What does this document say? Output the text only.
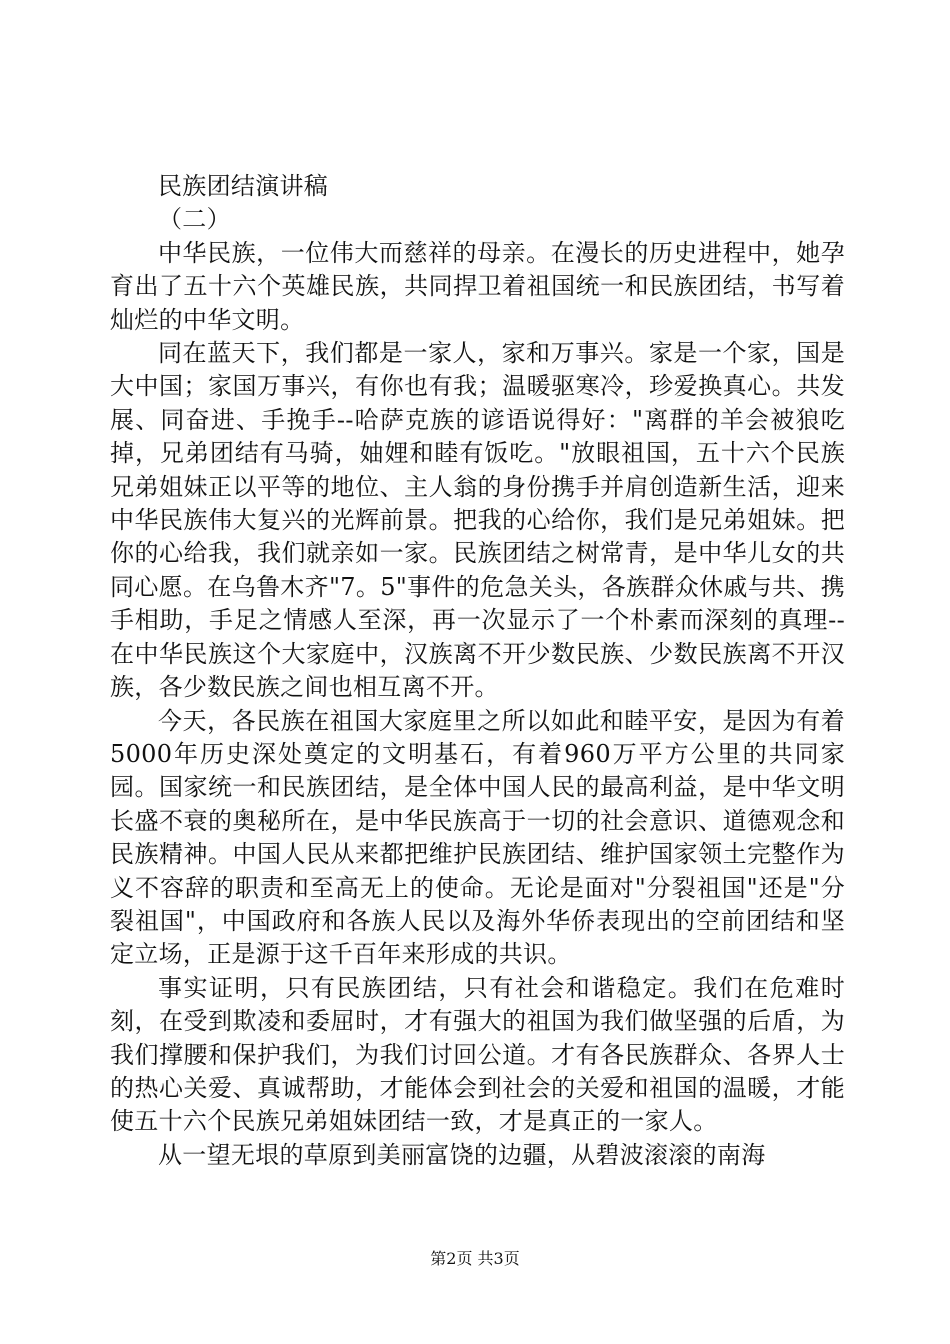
民族团结演讲稿

（二）

中华民族，一位伟大而慈祥的母亲。在漫长的历史进程中，她孕育出了五十六个英雄民族，共同捍卫着祖国统一和民族团结，书写着灿烂的中华文明。

同在蓝天下，我们都是一家人，家和万事兴。家是一个家，国是大中国；家国万事兴，有你也有我；温暖驱寒冷，珍爱换真心。共发展、同奋进、手挽手--哈萨克族的谚语说得好："离群的羊会被狼吃掉，兄弟团结有马骑，妯娌和睦有饭吃。"放眼祖国，五十六个民族兄弟姐妹正以平等的地位、主人翁的身份携手并肩创造新生活，迎来中华民族伟大复兴的光辉前景。把我的心给你，我们是兄弟姐妹。把你的心给我，我们就亲如一家。民族团结之树常青，是中华儿女的共同心愿。在乌鲁木齐"7。5"事件的危急关头，各族群众休戚与共、携手相助，手足之情感人至深，再一次显示了一个朴素而深刻的真理--在中华民族这个大家庭中，汉族离不开少数民族、少数民族离不开汉族，各少数民族之间也相互离不开。

今天，各民族在祖国大家庭里之所以如此和睦平安，是因为有着5000年历史深处奠定的文明基石，有着960万平方公里的共同家园。国家统一和民族团结，是全体中国人民的最高利益，是中华文明长盛不衰的奥秘所在，是中华民族高于一切的社会意识、道德观念和民族精神。中国人民从来都把维护民族团结、维护国家领土完整作为义不容辞的职责和至高无上的使命。无论是面对"分裂祖国"还是"分裂祖国"，中国政府和各族人民以及海外华侨表现出的空前团结和坚定立场，正是源于这千百年来形成的共识。

事实证明，只有民族团结，只有社会和谐稳定。我们在危难时刻，在受到欺凌和委屈时，才有强大的祖国为我们做坚强的后盾，为我们撑腰和保护我们，为我们讨回公道。才有各民族群众、各界人士的热心关爱、真诚帮助，才能体会到社会的关爱和祖国的温暖，才能使五十六个民族兄弟姐妹团结一致，才是真正的一家人。

从一望无垠的草原到美丽富饶的边疆，从碧波滚滚的南海

第2页 共3页
